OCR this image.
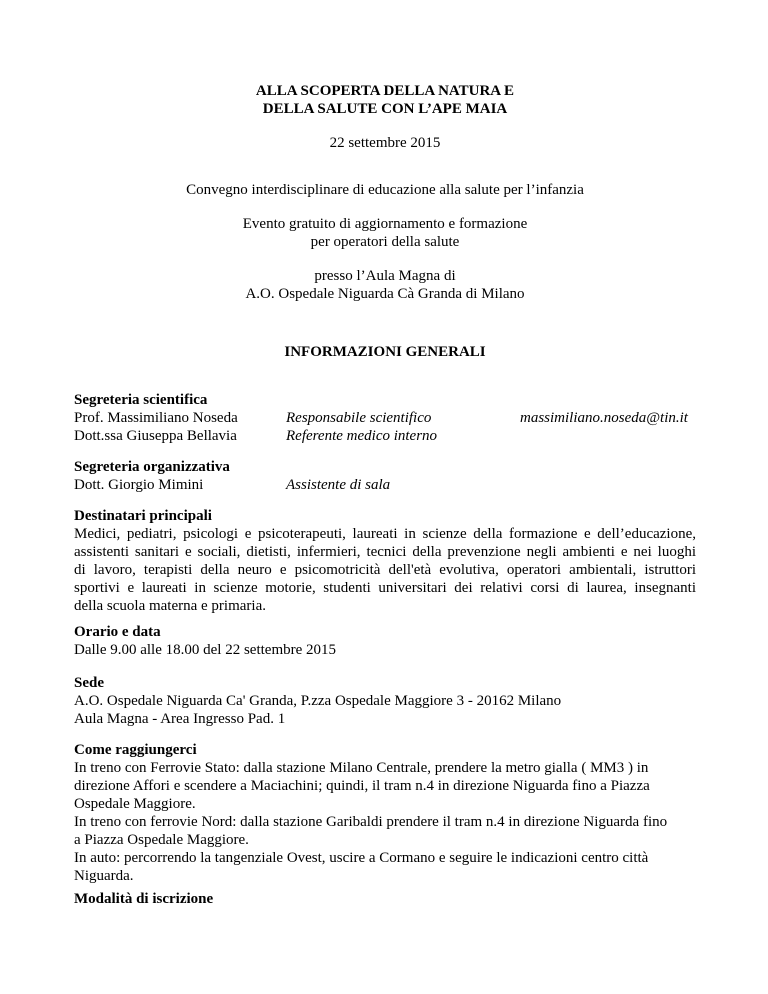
ALLA SCOPERTA DELLA NATURA E
DELLA SALUTE CON L’APE MAIA
22 settembre 2015
Convegno interdisciplinare di educazione alla salute per l’infanzia
Evento gratuito di aggiornamento e formazione
per operatori della salute
presso l’Aula Magna di
A.O. Ospedale Niguarda Cà Granda di Milano
INFORMAZIONI GENERALI
Segreteria scientifica
Prof. Massimiliano Noseda	Responsabile scientifico	massimiliano.noseda@tin.it
Dott.ssa Giuseppa Bellavia	Referente medico interno
Segreteria organizzativa
Dott. Giorgio Mimini	Assistente di sala
Destinatari principali
Medici, pediatri, psicologi e psicoterapeuti, laureati in scienze della formazione e dell’educazione,
assistenti sanitari e sociali, dietisti, infermieri, tecnici della prevenzione negli ambienti e nei luoghi
di lavoro, terapisti della neuro e psicomotricità dell'età evolutiva, operatori ambientali, istruttori
sportivi e laureati in scienze motorie, studenti universitari dei relativi corsi di laurea, insegnanti
della scuola materna e primaria.
Orario e data
Dalle 9.00 alle 18.00 del 22 settembre 2015
Sede
A.O. Ospedale Niguarda Ca' Granda, P.zza Ospedale Maggiore 3 - 20162 Milano
Aula Magna - Area Ingresso Pad. 1
Come raggiungerci
In treno con Ferrovie Stato: dalla stazione Milano Centrale, prendere la metro gialla ( MM3 ) in
direzione Affori e scendere a Maciachini; quindi, il tram n.4 in direzione Niguarda fino a Piazza
Ospedale Maggiore.
In treno con ferrovie Nord: dalla stazione Garibaldi prendere il tram n.4 in direzione Niguarda fino
a Piazza Ospedale Maggiore.
In auto: percorrendo la tangenziale Ovest, uscire a Cormano e seguire le indicazioni centro città
Niguarda.
Modalità di iscrizione
